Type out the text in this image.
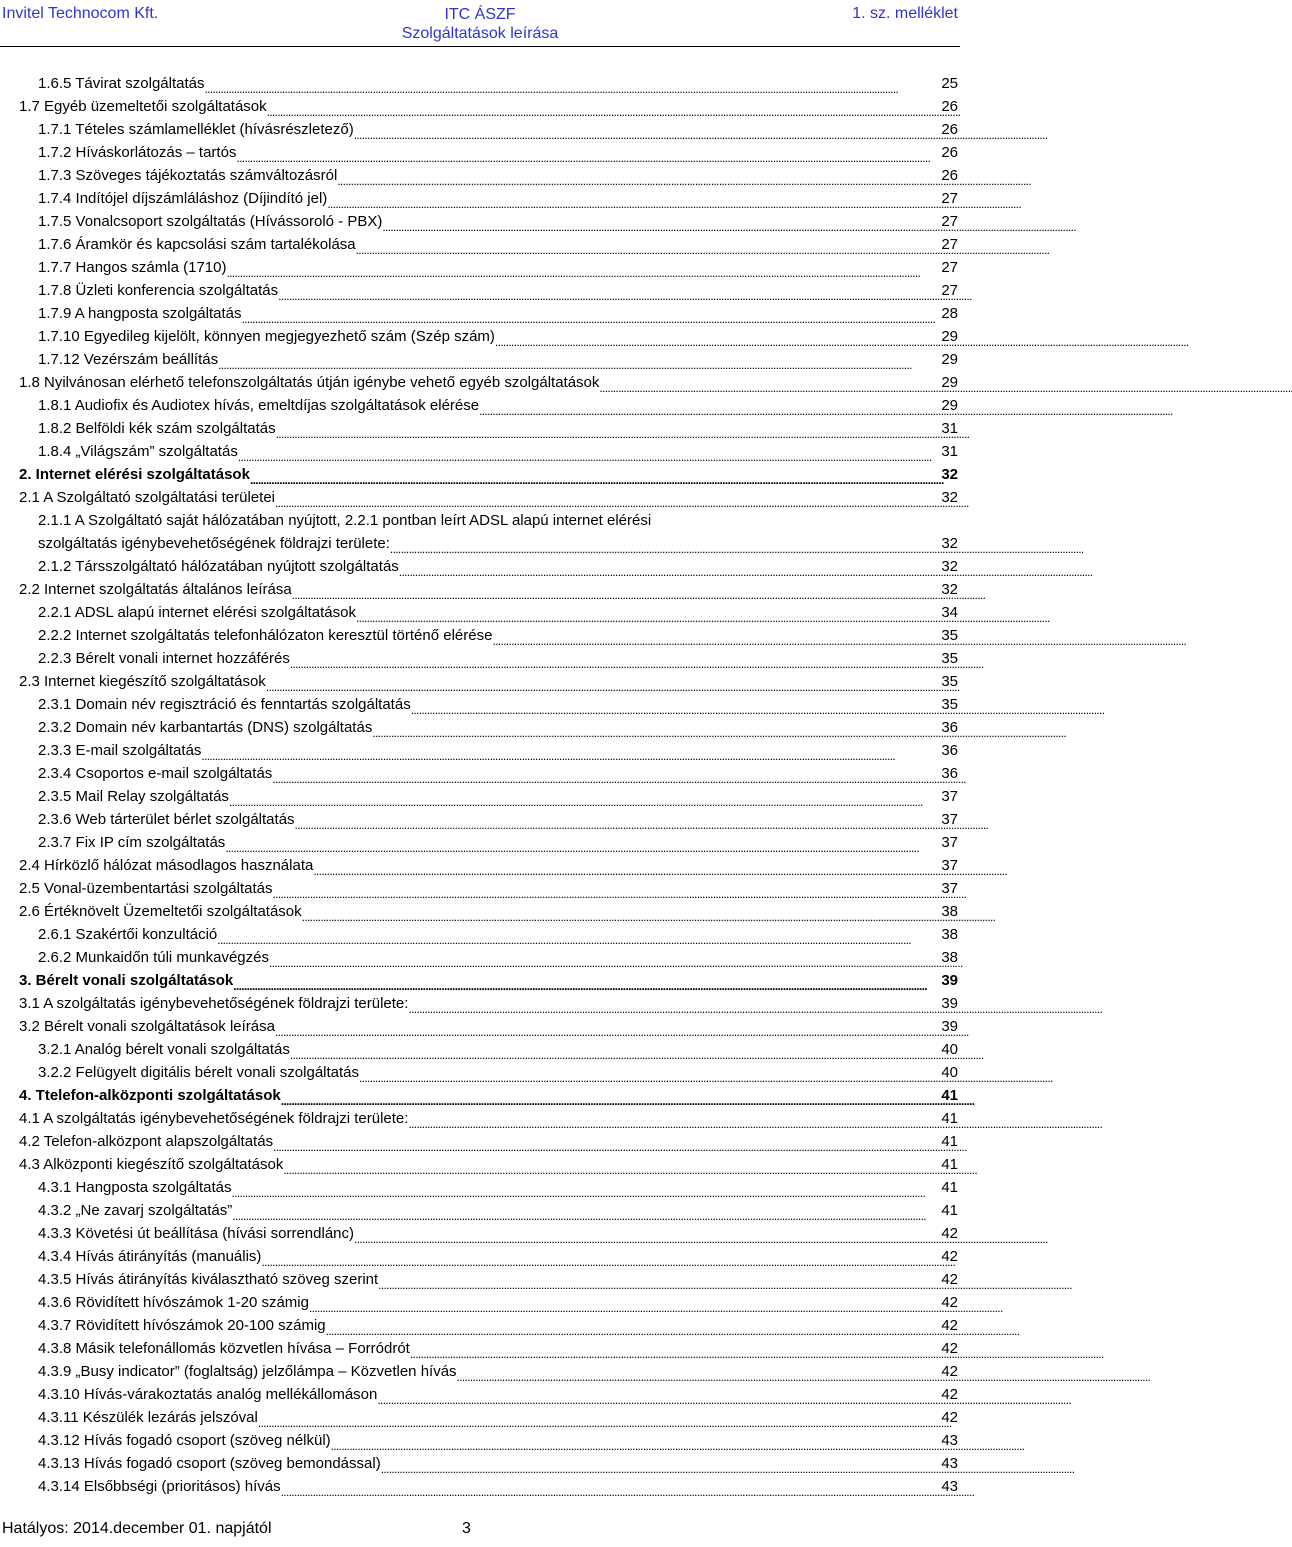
Invitel Technocom Kft.	ITC ÁSZF
Szolgáltatások leírása
1. sz. melléklet
1.6.5 Távirat szolgáltatás . . .	25
1.7 Egyéb üzemeltetői szolgáltatások . . .	26
1.7.1 Tételes számlamelléklet (hívásrészletező) . . .	26
1.7.2 Híváskorlátozás – tartós . . .	26
1.7.3 Szöveges tájékoztatás számváltozásról . . .	26
1.7.4 Indítójel díjszámláláshoz (Díjindító jel) . . .	27
1.7.5 Vonalcsoport szolgáltatás (Hívássoroló - PBX) . . .	27
1.7.6 Áramkör és kapcsolási szám tartalékolása . . .	27
1.7.7 Hangos számla (1710) . . .	27
1.7.8 Üzleti konferencia szolgáltatás . . .	27
1.7.9 A hangposta szolgáltatás . . .	28
1.7.10 Egyedileg kijelölt, könnyen megjegyezhető szám (Szép szám) . . .	29
1.7.12 Vezérszám beállítás . . .	29
1.8 Nyilvánosan elérhető telefonszolgáltatás útján igénybe vehető egyéb szolgáltatások . . .	29
1.8.1 Audiofix és Audiotex hívás, emeltdíjas szolgáltatások elérése . . .	29
1.8.2 Belföldi kék szám szolgáltatás . . .	31
1.8.4 „Világszám” szolgáltatás . . .	31
2. Internet elérési szolgáltatások . . .	32
2.1 A Szolgáltató szolgáltatási területei . . .	32
2.1.1 A Szolgáltató saját hálózatában nyújtott, 2.2.1 pontban leírt ADSL alapú internet elérési
szolgáltatás igénybevehetőségének földrajzi területe: . . .	32
2.1.2 Társszolgáltató hálózatában nyújtott szolgáltatás . . .	32
2.2 Internet szolgáltatás általános leírása . . .	32
2.2.1 ADSL alapú internet elérési szolgáltatások . . .	34
2.2.2 Internet szolgáltatás telefonhálózaton keresztül történő elérése . . .	35
2.2.3 Bérelt vonali internet hozzáférés . . .	35
2.3 Internet kiegészítő szolgáltatások . . .	35
2.3.1 Domain név regisztráció és fenntartás szolgáltatás . . .	35
2.3.2 Domain név karbantartás (DNS) szolgáltatás . . .	36
2.3.3 E-mail szolgáltatás . . .	36
2.3.4 Csoportos e-mail szolgáltatás . . .	36
2.3.5 Mail Relay szolgáltatás . . .	37
2.3.6 Web tárterület bérlet szolgáltatás . . .	37
2.3.7 Fix IP cím szolgáltatás . . .	37
2.4 Hírközlő hálózat másodlagos használata . . .	37
2.5 Vonal-üzembentartási szolgáltatás . . .	37
2.6 Értéknövelt Üzemeltetői szolgáltatások . . .	38
2.6.1 Szakértői konzultáció . . .	38
2.6.2 Munkaidőn túli munkavégzés . . .	38
3. Bérelt vonali szolgáltatások . . .	39
3.1 A szolgáltatás igénybevehetőségének földrajzi területe: . . .	39
3.2 Bérelt vonali szolgáltatások leírása . . .	39
3.2.1 Analóg bérelt vonali szolgáltatás . . .	40
3.2.2 Felügyelt digitális bérelt vonali szolgáltatás . . .	40
4. Ttelefon-alközponti szolgáltatások . . .	41
4.1 A szolgáltatás igénybevehetőségének földrajzi területe: . . .	41
4.2 Telefon-alközpont alapszolgáltatás . . .	41
4.3 Alközponti kiegészítő szolgáltatások . . .	41
4.3.1 Hangposta szolgáltatás . . .	41
4.3.2 „Ne zavarj szolgáltatás” . . .	41
4.3.3 Követési út beállítása (hívási sorrendlánc) . . .	42
4.3.4 Hívás átirányítás (manuális) . . .	42
4.3.5 Hívás átirányítás kiválasztható szöveg szerint . . .	42
4.3.6 Rövidített hívószámok 1-20 számig . . .	42
4.3.7 Rövidített hívószámok 20-100 számig . . .	42
4.3.8 Másik telefonállomás közvetlen hívása – Forródrót . . .	42
4.3.9 „Busy indicator” (foglaltság) jelzőlámpa – Közvetlen hívás . . .	42
4.3.10 Hívás-várakoztatás analóg mellékállomáson . . .	42
4.3.11 Készülék lezárás jelszóval . . .	42
4.3.12 Hívás fogadó csoport (szöveg nélkül) . . .	43
4.3.13 Hívás fogadó csoport (szöveg bemondással) . . .	43
4.3.14 Elsőbbségi (prioritásos) hívás . . .	43
Hatályos: 2014.december 01. napjától	3
